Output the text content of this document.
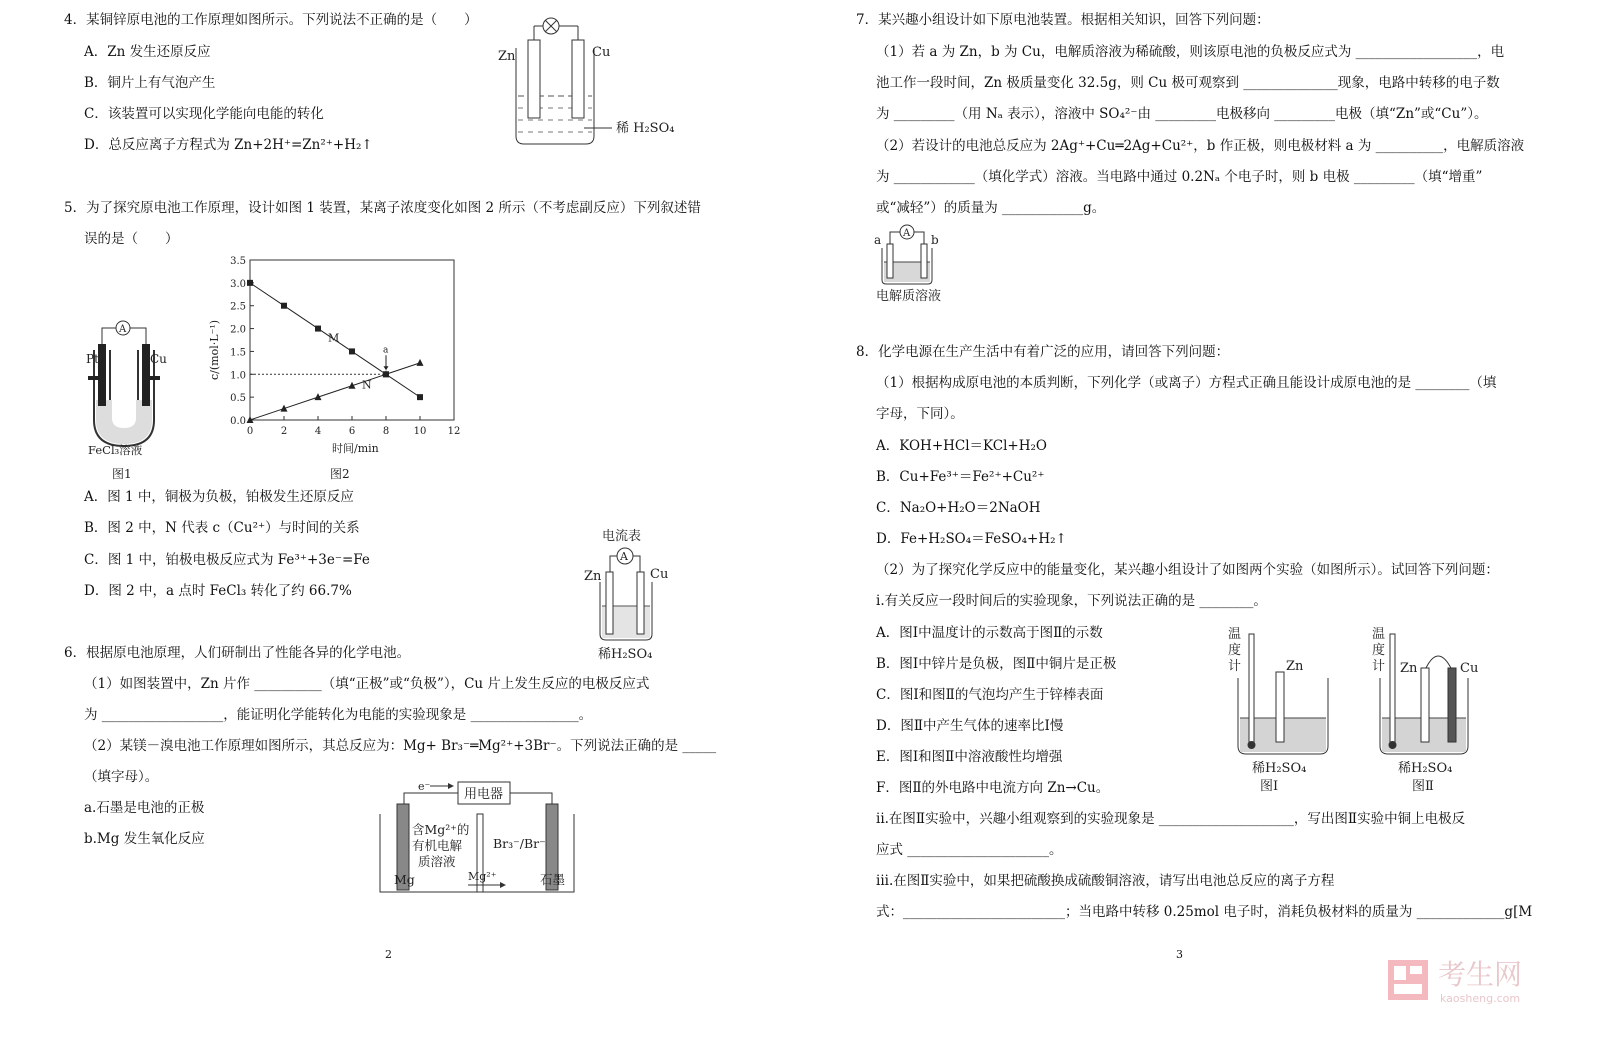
4．某铜锌原电池的工作原理如图所示。下列说法不正确的是（　　）
A．Zn 发生还原反应
B．铜片上有气泡产生
C．该装置可以实现化学能向电能的转化
D．总反应离子方程式为 Zn+2H⁺=Zn²⁺+H₂↑
Zn	Cu
稀 H₂SO₄
5．为了探究原电池工作原理，设计如图 1 装置，某离子浓度变化如图 2 所示（不考虑副反应）下列叙述错
误的是（　　）
A
Pt	Cu
FeCl₃溶液
图1
0.0
0.5
1.0
1.5
2.0
2.5
3.0
3.5
0	2	4	6	8 10 12
M
N
a
c/(mol·L⁻¹)
时间/min
图2
A．图 1 中，铜极为负极，铂极发生还原反应
B．图 2 中，N 代表 c（Cu²⁺）与时间的关系
C．图 1 中，铂极电极反应式为 Fe³⁺+3e⁻=Fe
D．图 2 中，a 点时 FeCl₃ 转化了约 66.7%
电流表
A
Zn	Cu
稀H₂SO₄
6．根据原电池原理，人们研制出了性能各异的化学电池。
（1）如图装置中，Zn 片作 __________（填“正极”或“负极”），Cu 片上发生反应的电极反应式
为 __________________，能证明化学能转化为电能的实验现象是 ________________。
（2）某镁－溴电池工作原理如图所示，其总反应为：Mg+ Br₃⁻═Mg²⁺+3Br⁻。下列说法正确的是 _____
（填字母）。
a.石墨是电池的正极
b.Mg 发生氧化反应
用电器
e⁻
含Mg²⁺的
有机电解
质溶液
Br₃⁻/Br⁻
Mg	Mg²⁺	石墨
2
7．某兴趣小组设计如下原电池装置。根据相关知识，回答下列问题：
（1）若 a 为 Zn，b 为 Cu，电解质溶液为稀硫酸，则该原电池的负极反应式为 __________________，电
池工作一段时间，Zn 极质量变化 32.5g，则 Cu 极可观察到 ______________现象，电路中转移的电子数
为 _________（用 Nₐ 表示），溶液中 SO₄²⁻由 _________电极移向 _________电极（填“Zn”或“Cu”）。
（2）若设计的电池总反应为 2Ag⁺+Cu═2Ag+Cu²⁺，b 作正极，则电极材料 a 为 __________，电解质溶液
为 ____________（填化学式）溶液。当电路中通过 0.2Nₐ 个电子时，则 b 电极 _________（填“增重”
或“减轻”）的质量为 ____________g。
A
a	b
电解质溶液
8．化学电源在生产生活中有着广泛的应用，请回答下列问题：
（1）根据构成原电池的本质判断，下列化学（或离子）方程式正确且能设计成原电池的是 ________（填
字母，下同）。
A．KOH+HCl＝KCl+H₂O
B．Cu+Fe³⁺＝Fe²⁺+Cu²⁺
C．Na₂O+H₂O＝2NaOH
D．Fe+H₂SO₄＝FeSO₄+H₂↑
（2）为了探究化学反应中的能量变化，某兴趣小组设计了如图两个实验（如图所示）。试回答下列问题：
i.有关反应一段时间后的实验现象，下列说法正确的是 ________。
A．图Ⅰ中温度计的示数高于图Ⅱ的示数
B．图Ⅰ中锌片是负极，图Ⅱ中铜片是正极
C．图Ⅰ和图Ⅱ的气泡均产生于锌棒表面
D．图Ⅱ中产生气体的速率比Ⅰ慢
E．图Ⅰ和图Ⅱ中溶液酸性均增强
F．图Ⅱ的外电路中电流方向 Zn→Cu。
ii.在图Ⅱ实验中，兴趣小组观察到的实验现象是 ____________________，写出图Ⅱ实验中铜上电极反
应式 _____________________。
iii.在图Ⅱ实验中，如果把硫酸换成硫酸铜溶液，请写出电池总反应的离子方程
式：________________________；当电路中转移 0.25mol 电子时，消耗负极材料的质量为 _____________g[M
温
度
计	Zn
稀H₂SO₄
图Ⅰ
温
度
计 Zn	Cu
稀H₂SO₄
图Ⅱ
3
考生网
kaosheng.com
